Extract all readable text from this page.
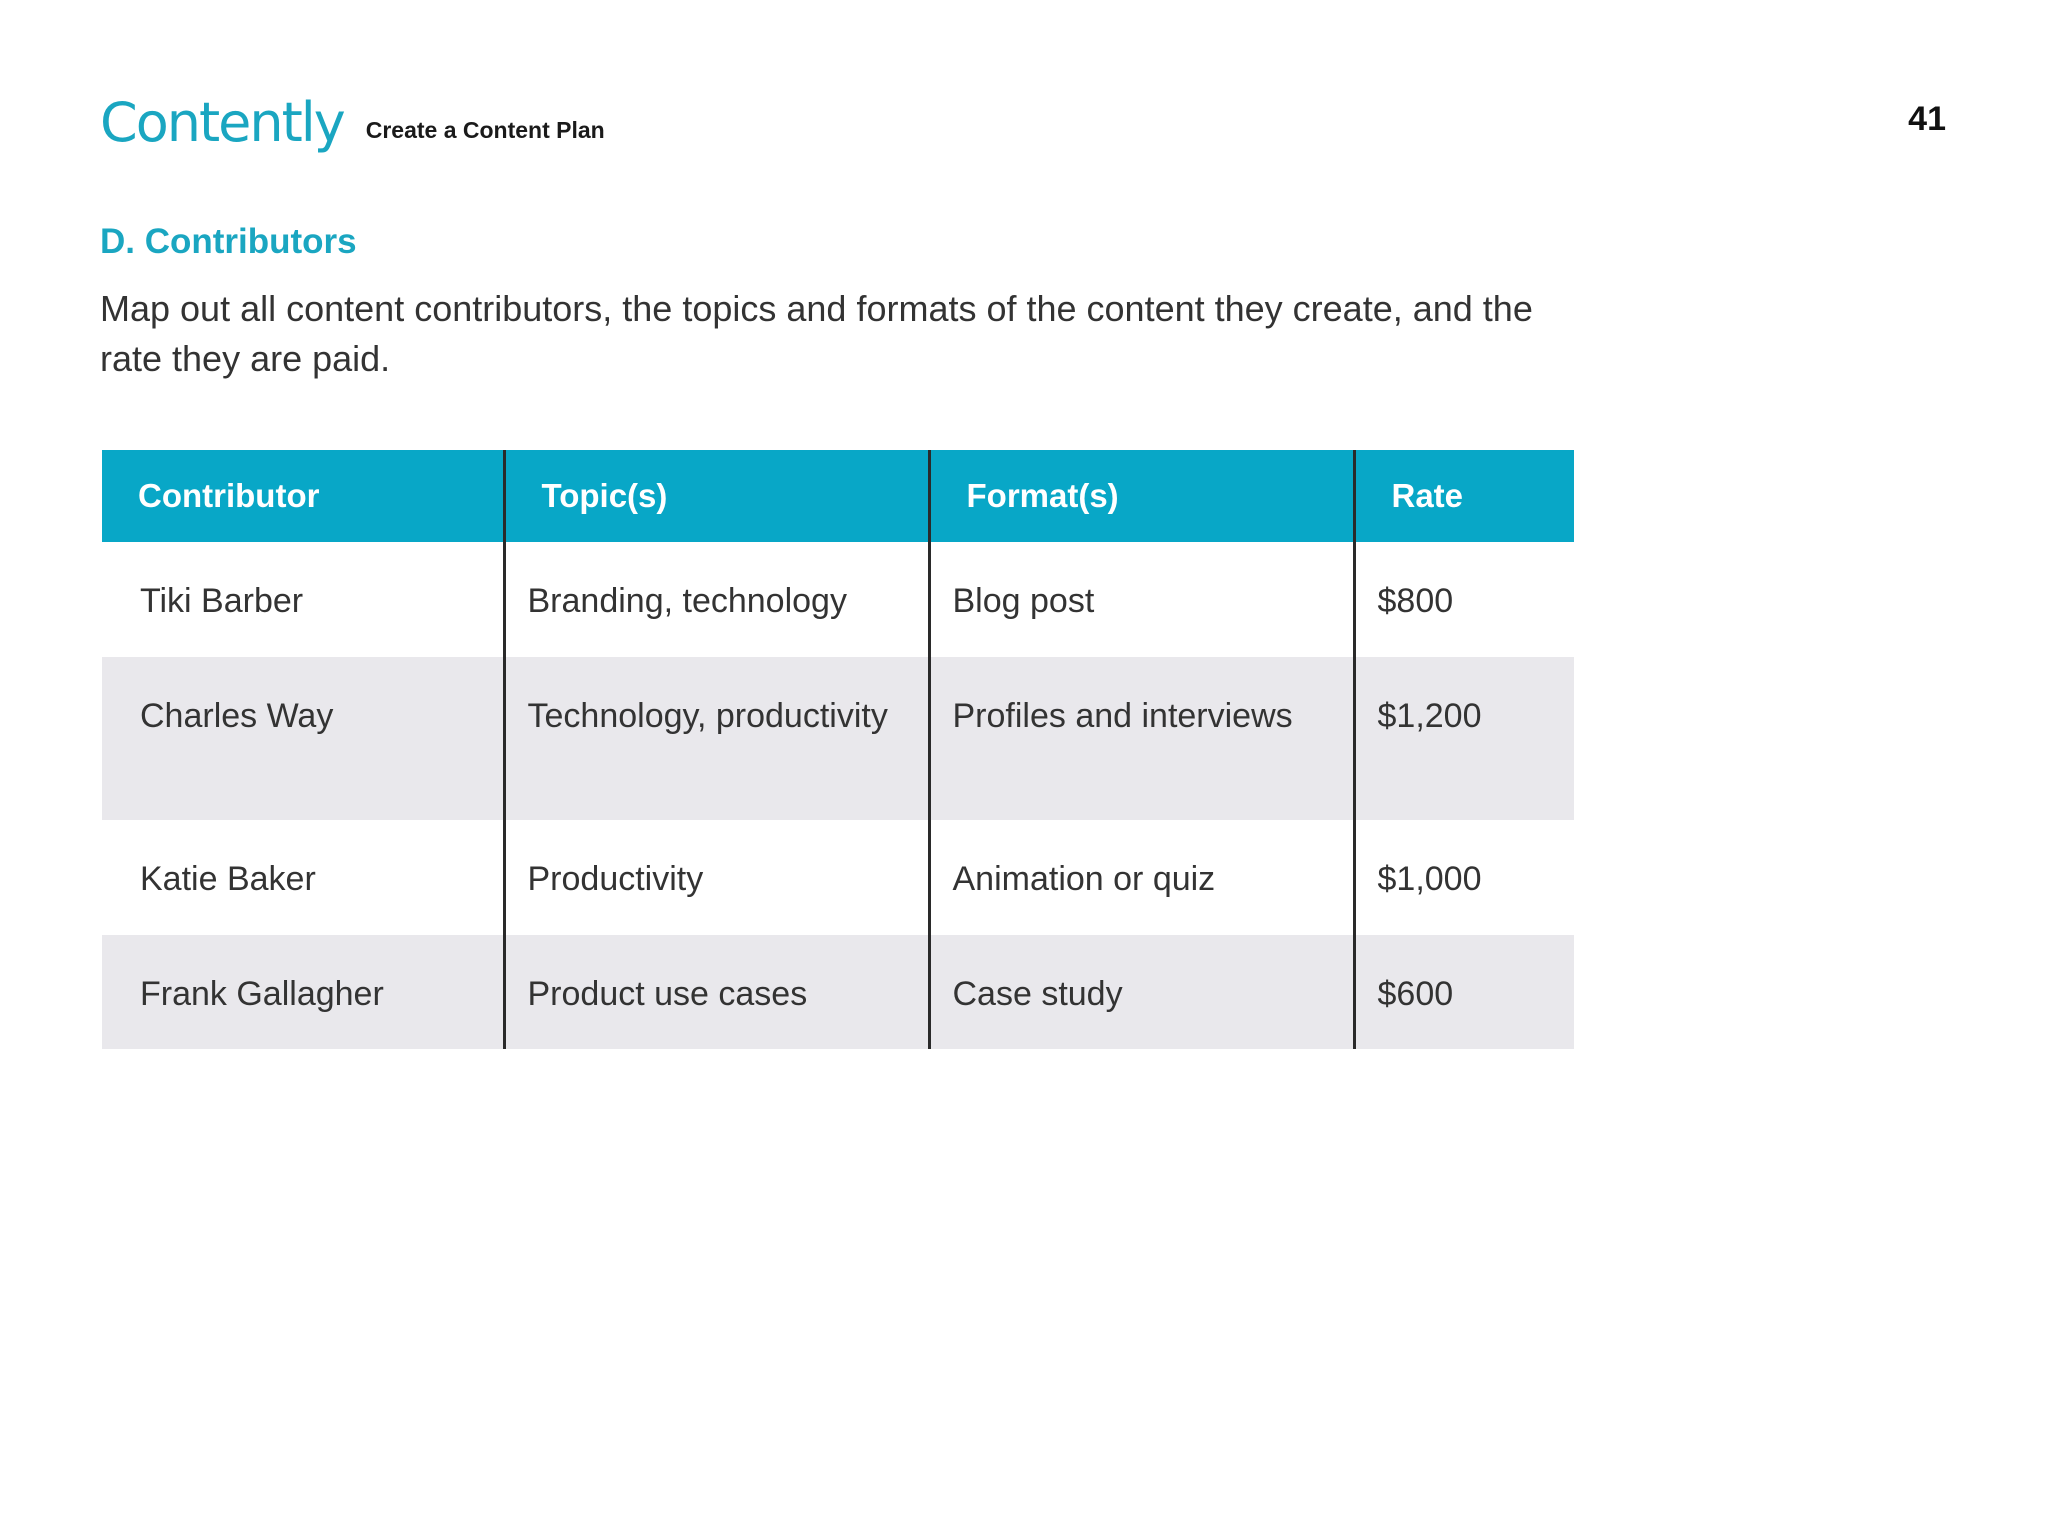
Contently Create a Content Plan	41
D. Contributors

Map out all content contributors, the topics and formats of the content they create, and the rate they are paid.

Contributor	Topic(s)	Format(s)	Rate
Tiki Barber	Branding, technology	Blog post	$800
Charles Way	Technology, productivity	Profiles and interviews	$1,200
Katie Baker	Productivity	Animation or quiz	$1,000
Frank Gallagher	Product use cases	Case study	$600
